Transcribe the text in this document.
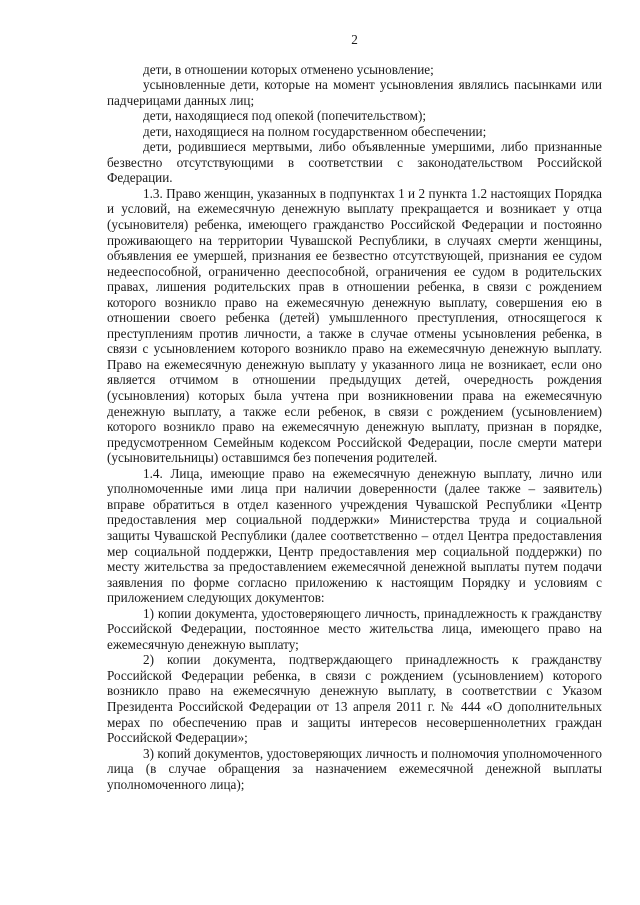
2

дети, в отношении которых отменено усыновление;

усыновленные дети, которые на момент усыновления являлись пасынками или падчерицами данных лиц;

дети, находящиеся под опекой (попечительством);

дети, находящиеся на полном государственном обеспечении;

дети, родившиеся мертвыми, либо объявленные умершими, либо признанные безвестно отсутствующими в соответствии с законодательством Российской Федерации.

1.3. Право женщин, указанных в подпунктах 1 и 2 пункта 1.2 настоящих Порядка и условий, на ежемесячную денежную выплату прекращается и возникает у отца (усыновителя) ребенка, имеющего гражданство Российской Федерации и постоянно проживающего на территории Чувашской Республики, в случаях смерти женщины, объявления ее умершей, признания ее безвестно отсутствующей, признания ее судом недееспособной, ограниченно дееспособной, ограничения ее судом в родительских правах, лишения родительских прав в отношении ребенка, в связи с рождением которого возникло право на ежемесячную денежную выплату, совершения ею в отношении своего ребенка (детей) умышленного преступления, относящегося к преступлениям против личности, а также в случае отмены усыновления ребенка, в связи с усыновлением которого возникло право на ежемесячную денежную выплату. Право на ежемесячную денежную выплату у указанного лица не возникает, если оно является отчимом в отношении предыдущих детей, очередность рождения (усыновления) которых была учтена при возникновении права на ежемесячную денежную выплату, а также если ребенок, в связи с рождением (усыновлением) которого возникло право на ежемесячную денежную выплату, признан в порядке, предусмотренном Семейным кодексом Российской Федерации, после смерти матери (усыновительницы) оставшимся без попечения родителей.

1.4. Лица, имеющие право на ежемесячную денежную выплату, лично или уполномоченные ими лица при наличии доверенности (далее также – заявитель) вправе обратиться в отдел казенного учреждения Чувашской Республики «Центр предоставления мер социальной поддержки» Министерства труда и социальной защиты Чувашской Республики (далее соответственно – отдел Центра предоставления мер социальной поддержки, Центр предоставления мер социальной поддержки) по месту жительства за предоставлением ежемесячной денежной выплаты путем подачи заявления по форме согласно приложению к настоящим Порядку и условиям с приложением следующих документов:

1) копии документа, удостоверяющего личность, принадлежность к гражданству Российской Федерации, постоянное место жительства лица, имеющего право на ежемесячную денежную выплату;

2) копии документа, подтверждающего принадлежность к гражданству Российской Федерации ребенка, в связи с рождением (усыновлением) которого возникло право на ежемесячную денежную выплату, в соответствии с Указом Президента Российской Федерации от 13 апреля 2011 г. № 444 «О дополнительных мерах по обеспечению прав и защиты интересов несовершеннолетних граждан Российской Федерации»;

3) копий документов, удостоверяющих личность и полномочия уполномоченного лица (в случае обращения за назначением ежемесячной денежной выплаты уполномоченного лица);
